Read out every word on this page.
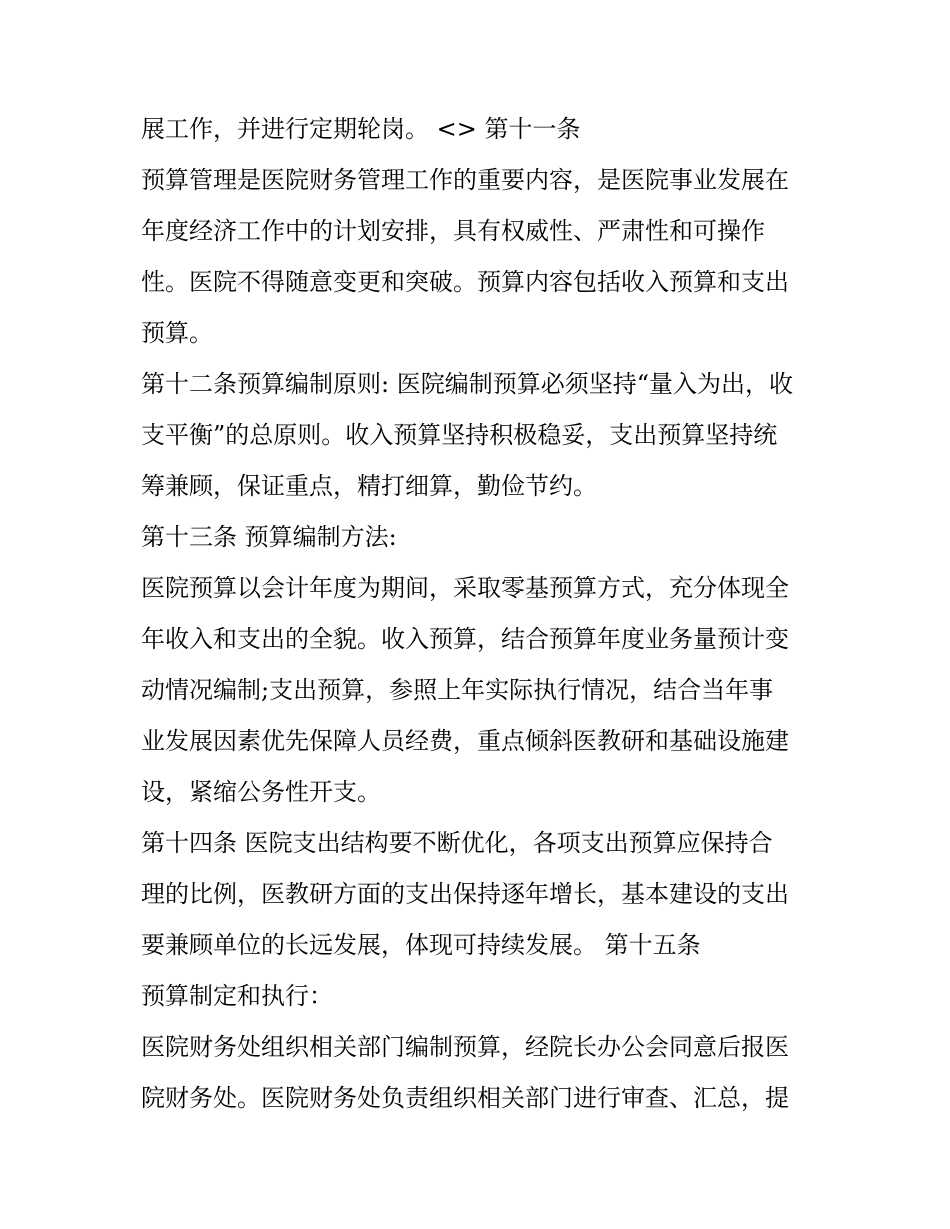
展工作，并进行定期轮岗。 <> 第十一条
预算管理是医院财务管理工作的重要内容，是医院事业发展在
年度经济工作中的计划安排，具有权威性、严肃性和可操作
性。医院不得随意变更和突破。预算内容包括收入预算和支出
预算。
第十二条预算编制原则: 医院编制预算必须坚持“量入为出，收
支平衡”的总原则。收入预算坚持积极稳妥，支出预算坚持统
筹兼顾，保证重点，精打细算，勤俭节约。
第十三条 预算编制方法:
医院预算以会计年度为期间，采取零基预算方式，充分体现全
年收入和支出的全貌。收入预算，结合预算年度业务量预计变
动情况编制;支出预算，参照上年实际执行情况，结合当年事
业发展因素优先保障人员经费，重点倾斜医教研和基础设施建
设，紧缩公务性开支。
第十四条 医院支出结构要不断优化，各项支出预算应保持合
理的比例，医教研方面的支出保持逐年增长，基本建设的支出
要兼顾单位的长远发展，体现可持续发展。 第十五条
预算制定和执行：
医院财务处组织相关部门编制预算，经院长办公会同意后报医
院财务处。医院财务处负责组织相关部门进行审查、汇总，提
